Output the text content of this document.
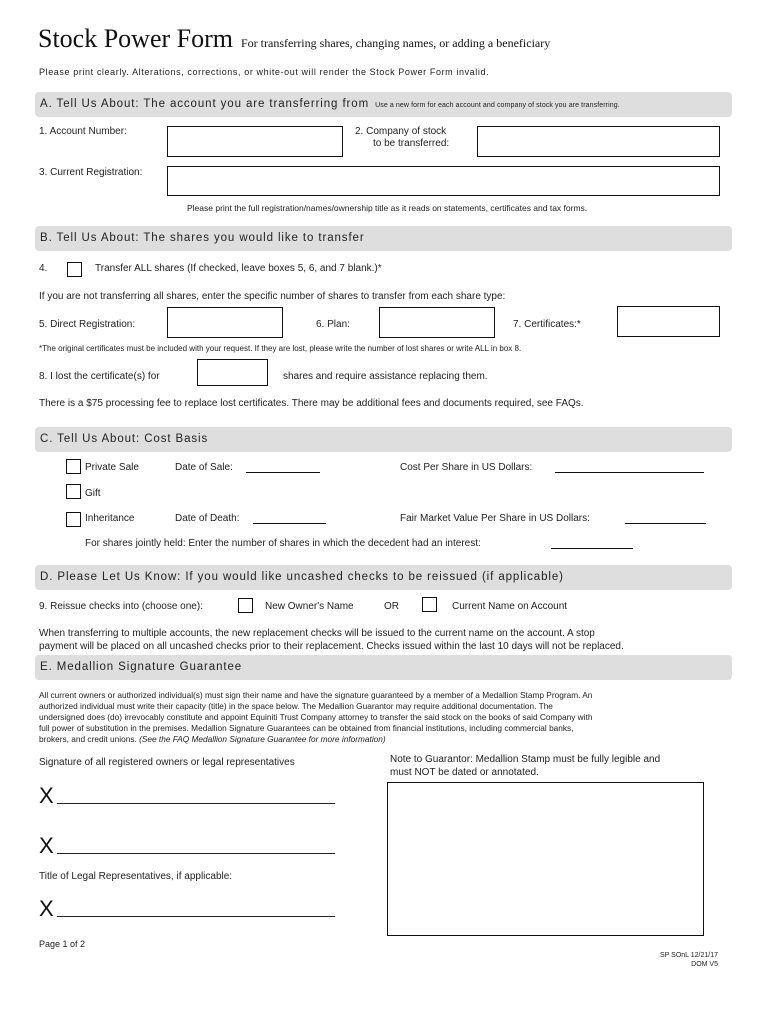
Stock Power Form For transferring shares, changing names, or adding a beneficiary
Please print clearly. Alterations, corrections, or white-out will render the Stock Power Form invalid.
A. Tell Us About: The account you are transferring from Use a new form for each account and company of stock you are transferring.
1. Account Number:	2. Company of stock
to be transferred:
3. Current Registration:
Please print the full registration/names/ownership title as it reads on statements, certificates and tax forms.
B. Tell Us About: The shares you would like to transfer
4.	Transfer ALL shares (If checked, leave boxes 5, 6, and 7 blank.)*
If you are not transferring all shares, enter the specific number of shares to transfer from each share type:
5. Direct Registration:	6. Plan:	7. Certificates:*
*The original certificates must be included with your request. If they are lost, please write the number of lost shares or write ALL in box 8.
8. I lost the certificate(s) for	shares and require assistance replacing them.
There is a $75 processing fee to replace lost certificates. There may be additional fees and documents required, see FAQs.
C. Tell Us About: Cost Basis
Private Sale	Date of Sale:	Cost Per Share in US Dollars:
Gift
Inheritance	Date of Death:	Fair Market Value Per Share in US Dollars:
For shares jointly held: Enter the number of shares in which the decedent had an interest:
D. Please Let Us Know: If you would like uncashed checks to be reissued (if applicable)
9. Reissue checks into (choose one):	New Owner's Name	OR	Current Name on Account
When transferring to multiple accounts, the new replacement checks will be issued to the current name on the account. A stop
payment will be placed on all uncashed checks prior to their replacement. Checks issued within the last 10 days will not be replaced.
E. Medallion Signature Guarantee
All current owners or authorized individual(s) must sign their name and have the signature guaranteed by a member of a Medallion Stamp Program. An
authorized individual must write their capacity (title) in the space below. The Medallion Guarantor may require additional documentation. The
undersigned does (do) irrevocably constitute and appoint Equiniti Trust Company attorney to transfer the said stock on the books of said Company with
full power of substitution in the premises. Medallion Signature Guarantees can be obtained from financial institutions, including commercial banks,
brokers, and credit unions. (See the FAQ Medallion Signature Guarantee for more information)
Signature of all registered owners or legal representatives
X
X
Title of Legal Representatives, if applicable:
X
Note to Guarantor: Medallion Stamp must be fully legible and
must NOT be dated or annotated.
Page 1 of 2
SP SOnL 12/21/17
DOM V5
